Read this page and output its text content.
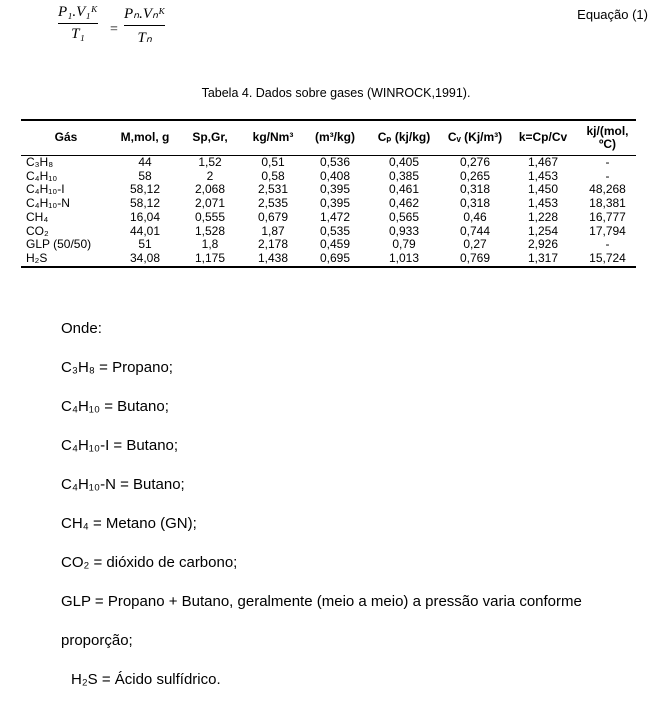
P₁.V₁ᴷ
T₁	=
Pₙ.Vₙᴷ
Tₙ
Equação (1)
Tabela 4. Dados sobre gases (WINROCK,1991).
Gás	M,mol, g	Sp,Gr,	kg/Nm³	(m³/kg)	Cₚ (kj/kg)	Cᵥ (Kj/m³)	k=Cp/Cv	kj/(mol, ºC)
C₃H₈	44	1,52	0,51	0,536	0,405	0,276	1,467	-
C₄H₁₀	58	2	0,58	0,408	0,385	0,265	1,453	-
C₄H₁₀-I	58,12	2,068	2,531	0,395	0,461	0,318	1,450	48,268
C₄H₁₀-N	58,12	2,071	2,535	0,395	0,462	0,318	1,453	18,381
CH₄	16,04	0,555	0,679	1,472	0,565	0,46	1,228	16,777
CO₂	44,01	1,528	1,87	0,535	0,933	0,744	1,254	17,794
GLP (50/50)	51	1,8	2,178	0,459	0,79	0,27	2,926	-
H₂S	34,08	1,175	1,438	0,695	1,013	0,769	1,317	15,724
Onde:
C₃H₈ = Propano;
C₄H₁₀ = Butano;
C₄H₁₀-I = Butano;
C₄H₁₀-N = Butano;
CH₄ = Metano (GN);
CO₂ = dióxido de carbono;
GLP = Propano + Butano, geralmente (meio a meio) a pressão varia conforme
proporção;
H₂S = Ácido sulfídrico.
